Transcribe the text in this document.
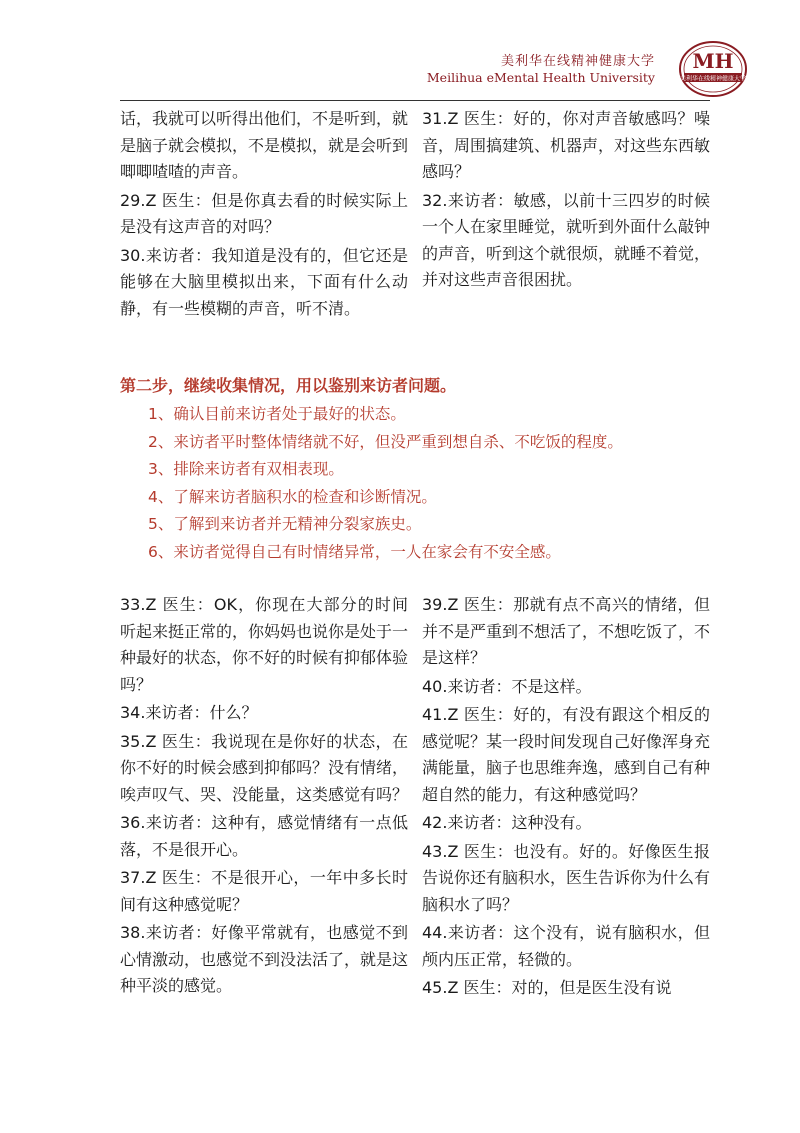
美利华在线精神健康大学
Meilihua eMental Health University
MH
美利华在线精神健康大学

话，我就可以听得出他们，不是听到，就是脑子就会模拟，不是模拟，就是会听到唧唧喳喳的声音。

29.Z 医生：但是你真去看的时候实际上是没有这声音的对吗？

30.来访者：我知道是没有的，但它还是能够在大脑里模拟出来，下面有什么动静，有一些模糊的声音，听不清。

31.Z 医生：好的，你对声音敏感吗？噪音，周围搞建筑、机器声，对这些东西敏感吗？

32.来访者：敏感，以前十三四岁的时候一个人在家里睡觉，就听到外面什么敲钟的声音，听到这个就很烦，就睡不着觉，并对这些声音很困扰。

第二步，继续收集情况，用以鉴别来访者问题。

1、确认目前来访者处于最好的状态。

2、来访者平时整体情绪就不好，但没严重到想自杀、不吃饭的程度。

3、排除来访者有双相表现。

4、了解来访者脑积水的检查和诊断情况。

5、了解到来访者并无精神分裂家族史。

6、来访者觉得自己有时情绪异常，一人在家会有不安全感。

33.Z 医生：OK，你现在大部分的时间听起来挺正常的，你妈妈也说你是处于一种最好的状态，你不好的时候有抑郁体验吗？

34.来访者：什么？

35.Z 医生：我说现在是你好的状态，在你不好的时候会感到抑郁吗？没有情绪，唉声叹气、哭、没能量，这类感觉有吗？

36.来访者：这种有，感觉情绪有一点低落，不是很开心。

37.Z 医生：不是很开心，一年中多长时间有这种感觉呢？

38.来访者：好像平常就有，也感觉不到心情激动，也感觉不到没法活了，就是这种平淡的感觉。

39.Z 医生：那就有点不高兴的情绪，但并不是严重到不想活了，不想吃饭了，不是这样？

40.来访者：不是这样。

41.Z 医生：好的，有没有跟这个相反的感觉呢？某一段时间发现自己好像浑身充满能量，脑子也思维奔逸，感到自己有种超自然的能力，有这种感觉吗？

42.来访者：这种没有。

43.Z 医生：也没有。好的。好像医生报告说你还有脑积水，医生告诉你为什么有脑积水了吗？

44.来访者：这个没有，说有脑积水，但颅内压正常，轻微的。

45.Z 医生：对的，但是医生没有说
